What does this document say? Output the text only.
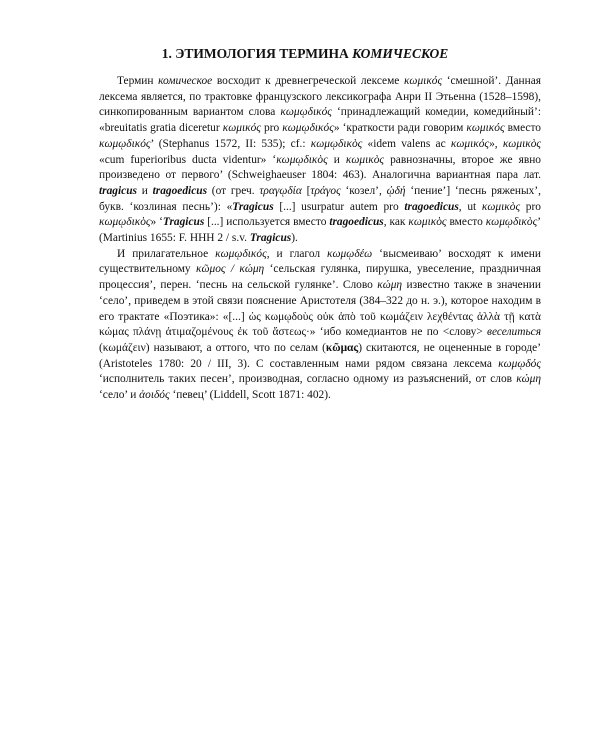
1. ЭТИМОЛОГИЯ ТЕРМИНА КОМИЧЕСКОЕ

Термин комическое восходит к древнегреческой лексеме κωμικός ‘смешной’. Данная лексема является, по трактовке французского лексикографа Анри II Этьенна (1528–1598), синкопированным вариантом слова κωμῳδικός ‘принадлежащий комедии, комедийный’: «breuitatis gratia diceretur κωμικός pro κωμῳδικός» ‘краткости ради говорим κωμικός вместо κωμῳδικός’ (Stephanus 1572, II: 535); cf.: κωμῳδικὸς «idem valens ac κωμικός», κωμικὸς «cum fuperioribus ducta videntur» ‘κωμῳδικὸς и κωμικὸς равнозначны, второе же явно произведено от первого’ (Schweighaeuser 1804: 463). Аналогична вариантная пара лат. tragicus и tragoedicus (от греч. τραγῳδία [τράγος ‘козел’, ᾠδή ‘пение’] ‘песнь ряженых’, букв. ‘козлиная песнь’): «Tragicus [...] usurpatur autem pro tragoedicus, ut κωμικὸς pro κωμῳδικὸς» ‘Tragicus [...] используется вместо tragoedicus, как κωμικὸς вместо κωμῳδικὸς’ (Martinius 1655: F. HHH 2 / s.v. Tragicus).

И прилагательное κωμῳδικός, и глагол κωμῳδέω ‘высмеиваю’ восходят к имени существительному κῶμος / κώμη ‘сельская гулянка, пирушка, увеселение, праздничная процессия’, перен. ‘песнь на сельской гулянке’. Слово κώμη известно также в значении ‘село’, приведем в этой связи пояснение Аристотеля (384–322 до н. э.), которое находим в его трактате «Поэтика»: «[...] ὡς κωμῳδοὺς οὐκ ἀπὸ τοῦ κωμάζειν λεχθέντας ἀλλὰ τῇ κατὰ κώμας πλάνῃ ἀτιμαζομένους ἐκ τοῦ ἄστεως·» ‘ибо комедиантов не по <слову> веселиться (κωμάζειν) называют, а оттого, что по селам (κῶμας) скитаются, не оцененные в городе’ (Aristoteles 1780: 20 / III, 3). С составленным нами рядом связана лексема κωμῳδός ‘исполнитель таких песен’, производная, согласно одному из разъяснений, от слов κώμη ‘село’ и ἀοιδός ‘певец’ (Liddell, Scott 1871: 402).
